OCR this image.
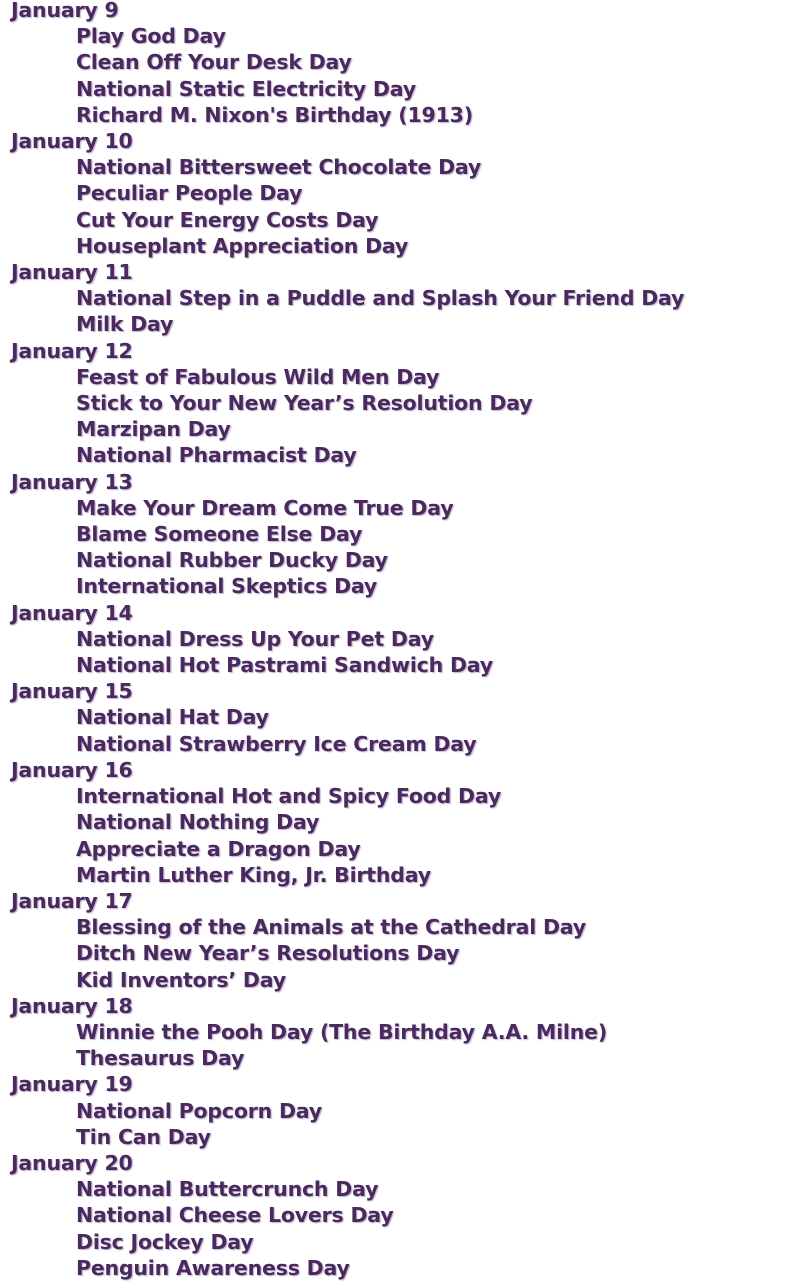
January 9
Play God Day
Clean Off Your Desk Day
National Static Electricity Day
Richard M. Nixon's Birthday (1913)
January 10
National Bittersweet Chocolate Day
Peculiar People Day
Cut Your Energy Costs Day
Houseplant Appreciation Day
January 11
National Step in a Puddle and Splash Your Friend Day
Milk Day
January 12
Feast of Fabulous Wild Men Day
Stick to Your New Year’s Resolution Day
Marzipan Day
National Pharmacist Day
January 13
Make Your Dream Come True Day
Blame Someone Else Day
National Rubber Ducky Day
International Skeptics Day
January 14
National Dress Up Your Pet Day
National Hot Pastrami Sandwich Day
January 15
National Hat Day
National Strawberry Ice Cream Day
January 16
International Hot and Spicy Food Day
National Nothing Day
Appreciate a Dragon Day
Martin Luther King, Jr. Birthday
January 17
Blessing of the Animals at the Cathedral Day
Ditch New Year’s Resolutions Day
Kid Inventors’ Day
January 18
Winnie the Pooh Day (The Birthday A.A. Milne)
Thesaurus Day
January 19
National Popcorn Day
Tin Can Day
January 20
National Buttercrunch Day
National Cheese Lovers Day
Disc Jockey Day
Penguin Awareness Day
